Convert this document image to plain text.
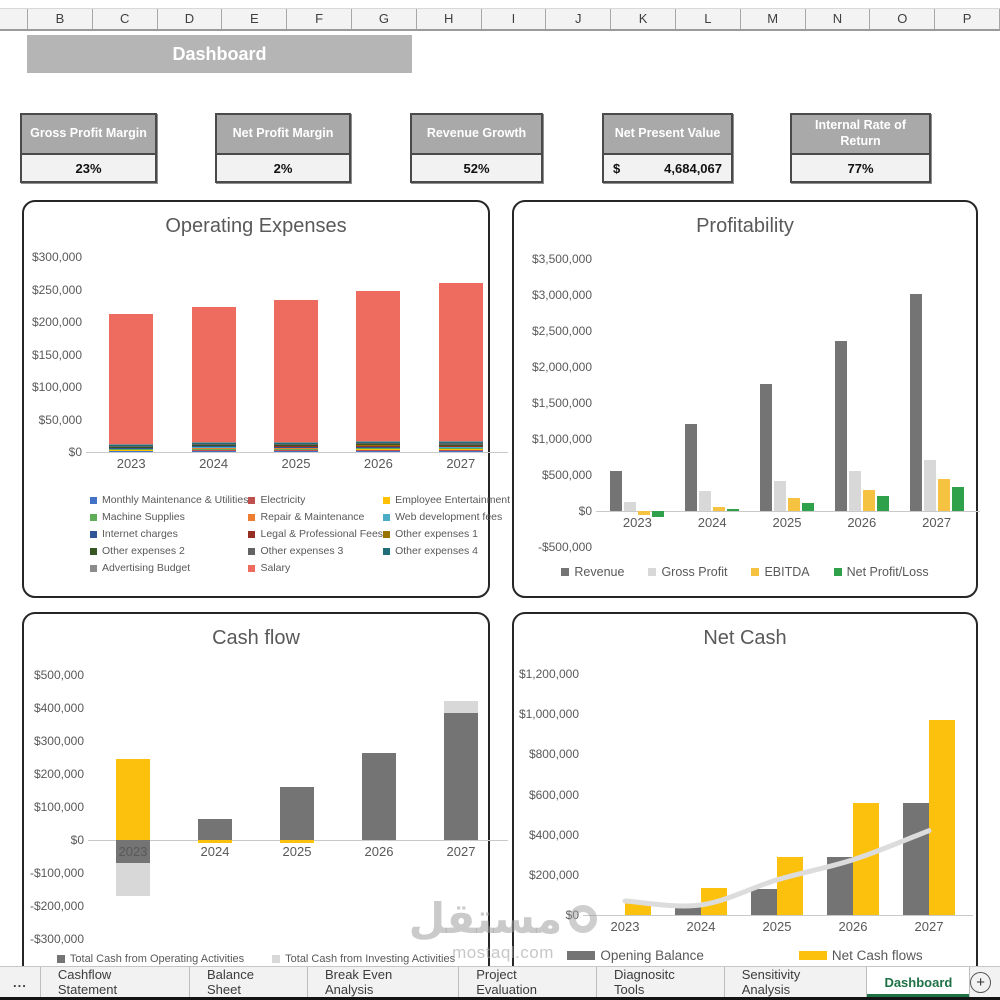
B	C	D	E	F	G	H	I	J	K	L	M	N	O	P
Dashboard
Gross Profit Margin
23%
Net Profit Margin
2%
Revenue Growth
52%
Net Present Value
$	4,684,067
Internal Rate of Return
77%
Operating Expenses
Monthly Maintenance & Utilities Electricity	Employee Entertainment
Machine Supplies	Repair & Maintenance	Web development fees
Internet charges	Legal & Professional Fees Other expenses 1
Other expenses 2	Other expenses 3	Other expenses 4
Advertising Budget	Salary
$300,000
$250,000
$200,000
$150,000
$100,000
$50,000
$0
2023	2024	2025	2026	2027
Profitability
Revenue	Gross Profit	EBITDA	Net Profit/Loss
$3,500,000
$3,000,000
$2,500,000
$2,000,000
$1,500,000
$1,000,000
$500,000
$0
-$500,000
2023	2024	2025	2026	2027
Cash flow
Total Cash from Operating Activities	Total Cash from Investing Activities
$500,000
$400,000
$300,000
$200,000
$100,000
$0
-$100,000
-$200,000
-$300,000
2023	2024	2025	2026	2027
Net Cash
Opening Balance	Net Cash flows
$1,200,000
$1,000,000
$800,000
$600,000
$400,000
$200,000
$0
2023	2024	2025	2026	2027
...	Cashflow Statement
Balance Sheet
Break Even Analysis
Project Evaluation
Diagnositc Tools
Sensitivity Analysis	Dashboard	+
مستقل
mostaql.com
